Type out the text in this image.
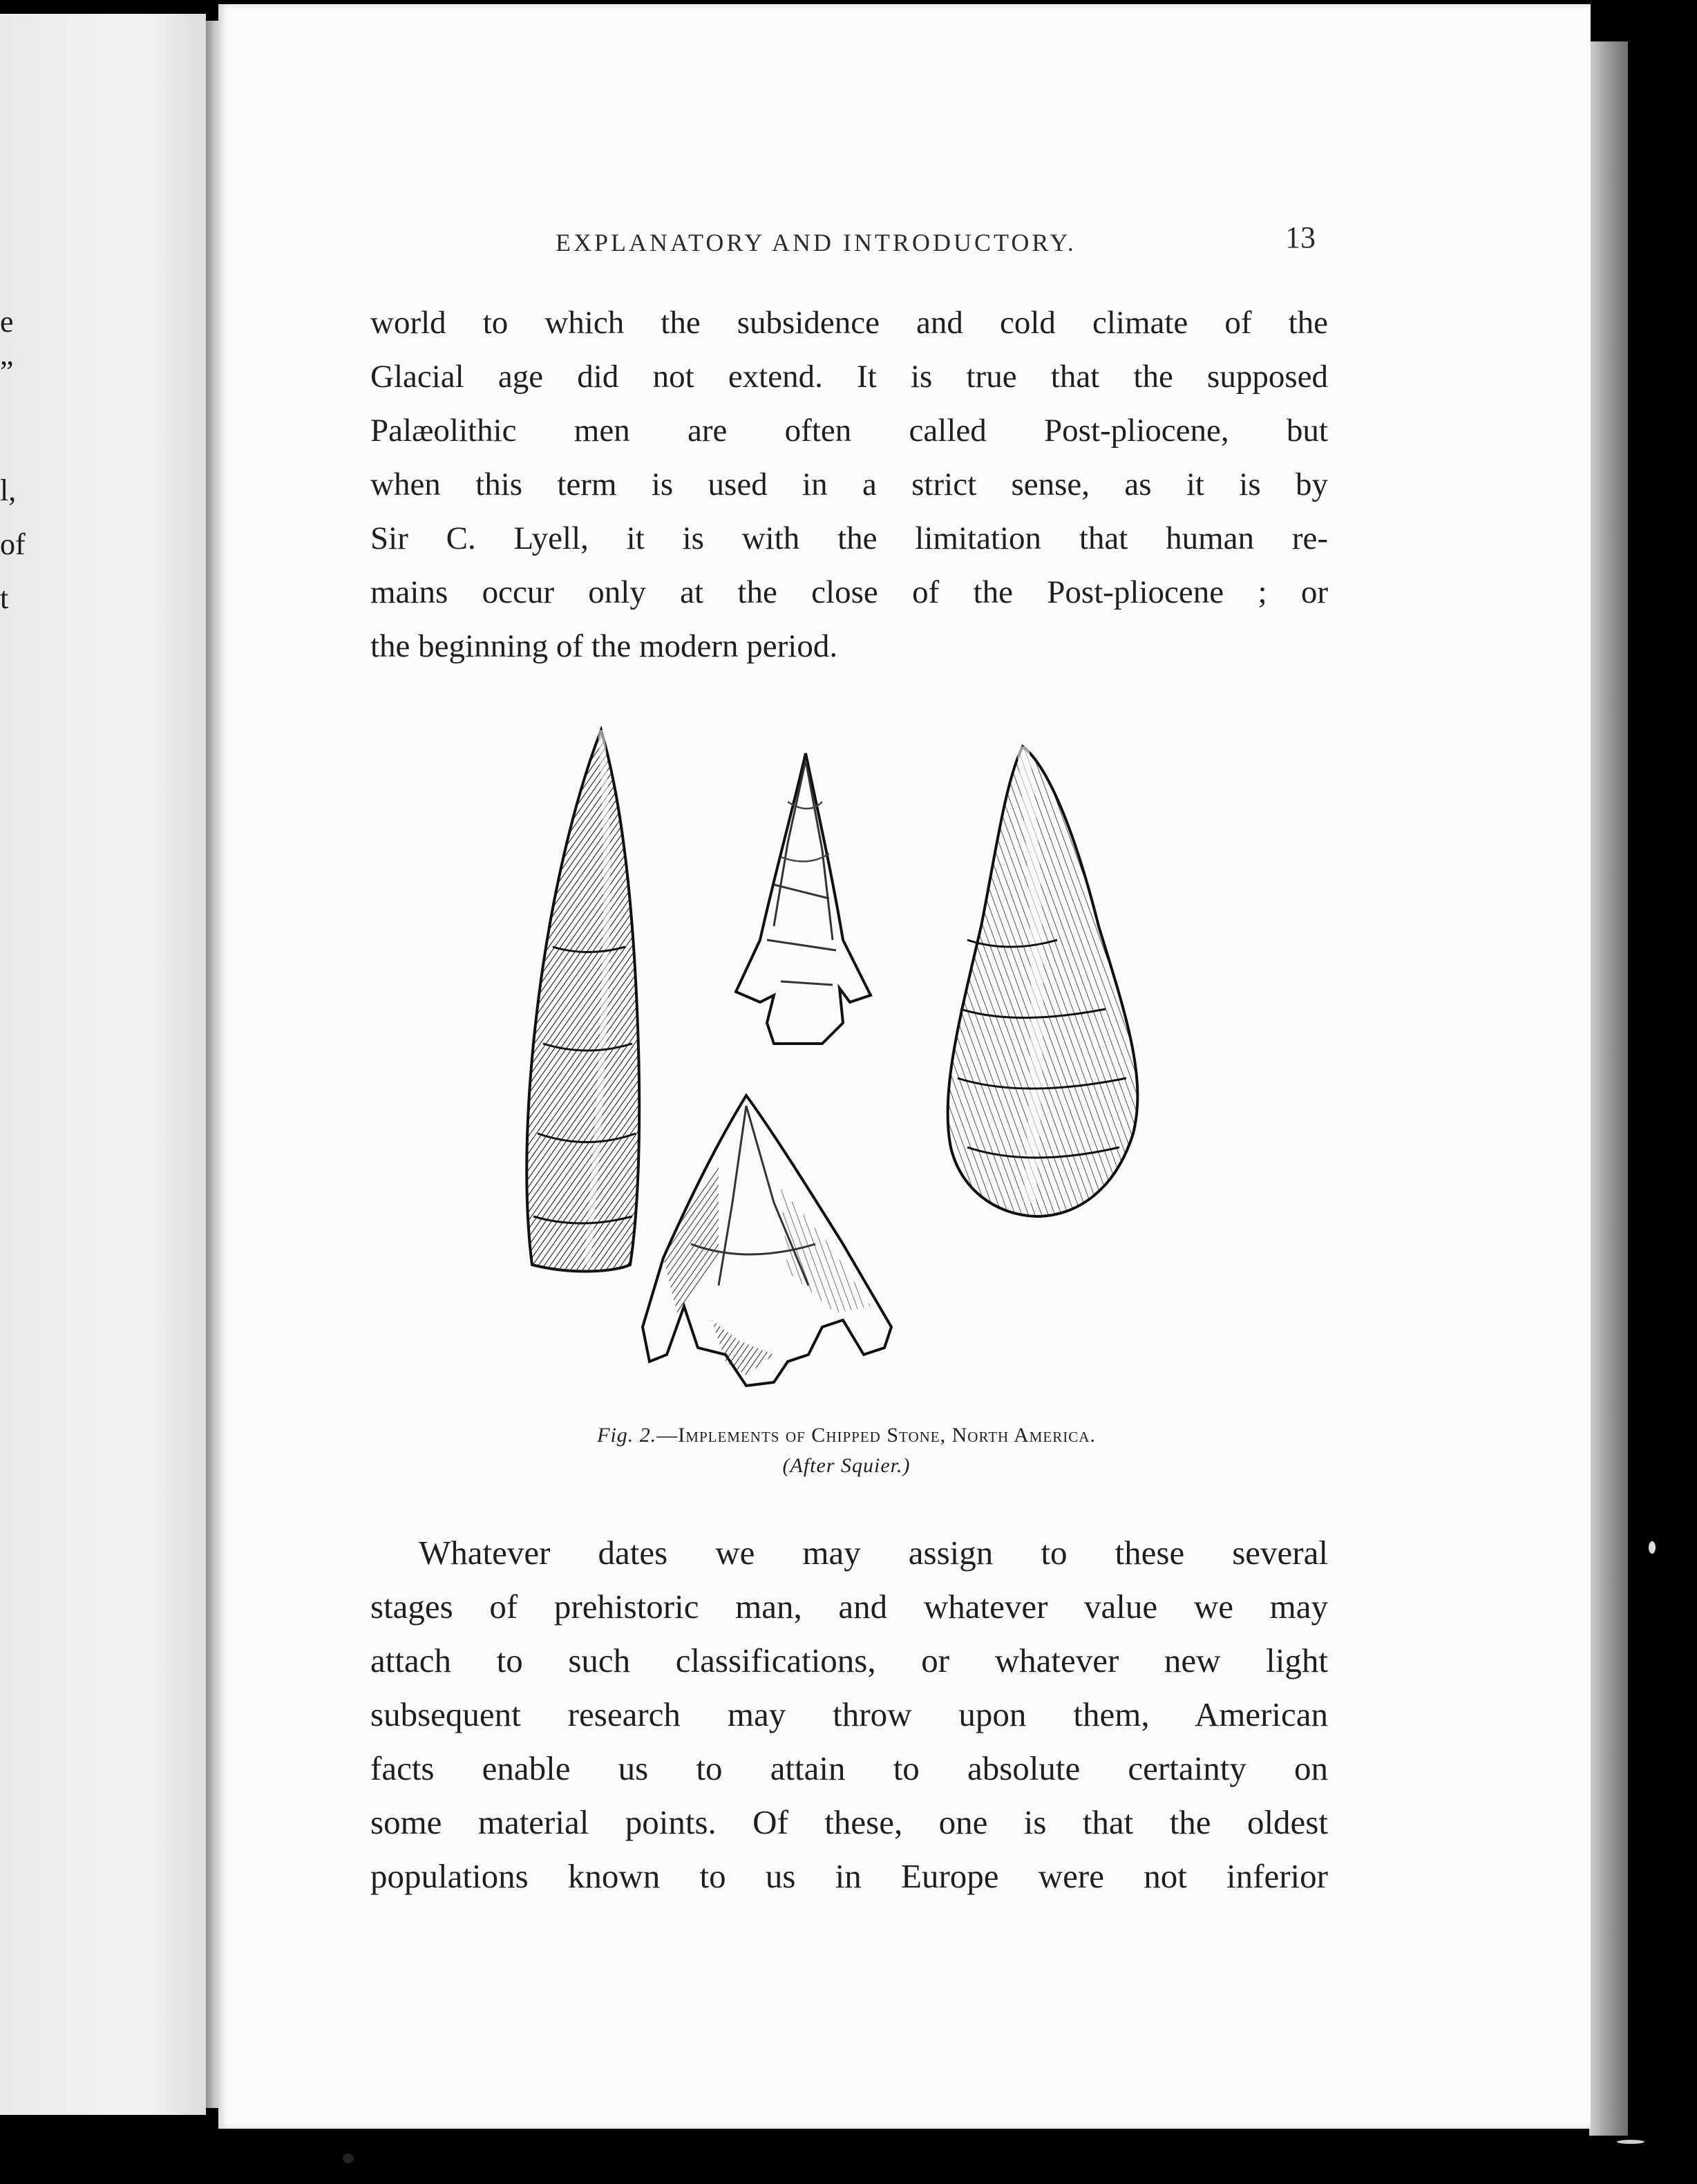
e
”
l,
of
t
EXPLANATORY AND INTRODUCTORY.	13
world to which the subsidence and cold climate of the
Glacial age did not extend. It is true that the supposed
Palæolithic men are often called Post-pliocene, but
when this term is used in a strict sense, as it is by
Sir C. Lyell, it is with the limitation that human re-
mains occur only at the close of the Post-pliocene ; or
the beginning of the modern period.
Fig. 2.—Implements of Chipped Stone, North America.
(After Squier.)
Whatever dates we may assign to these several
stages of prehistoric man, and whatever value we may
attach to such classifications, or whatever new light
subsequent research may throw upon them, American
facts enable us to attain to absolute certainty on
some material points. Of these, one is that the oldest
populations known to us in Europe were not inferior
